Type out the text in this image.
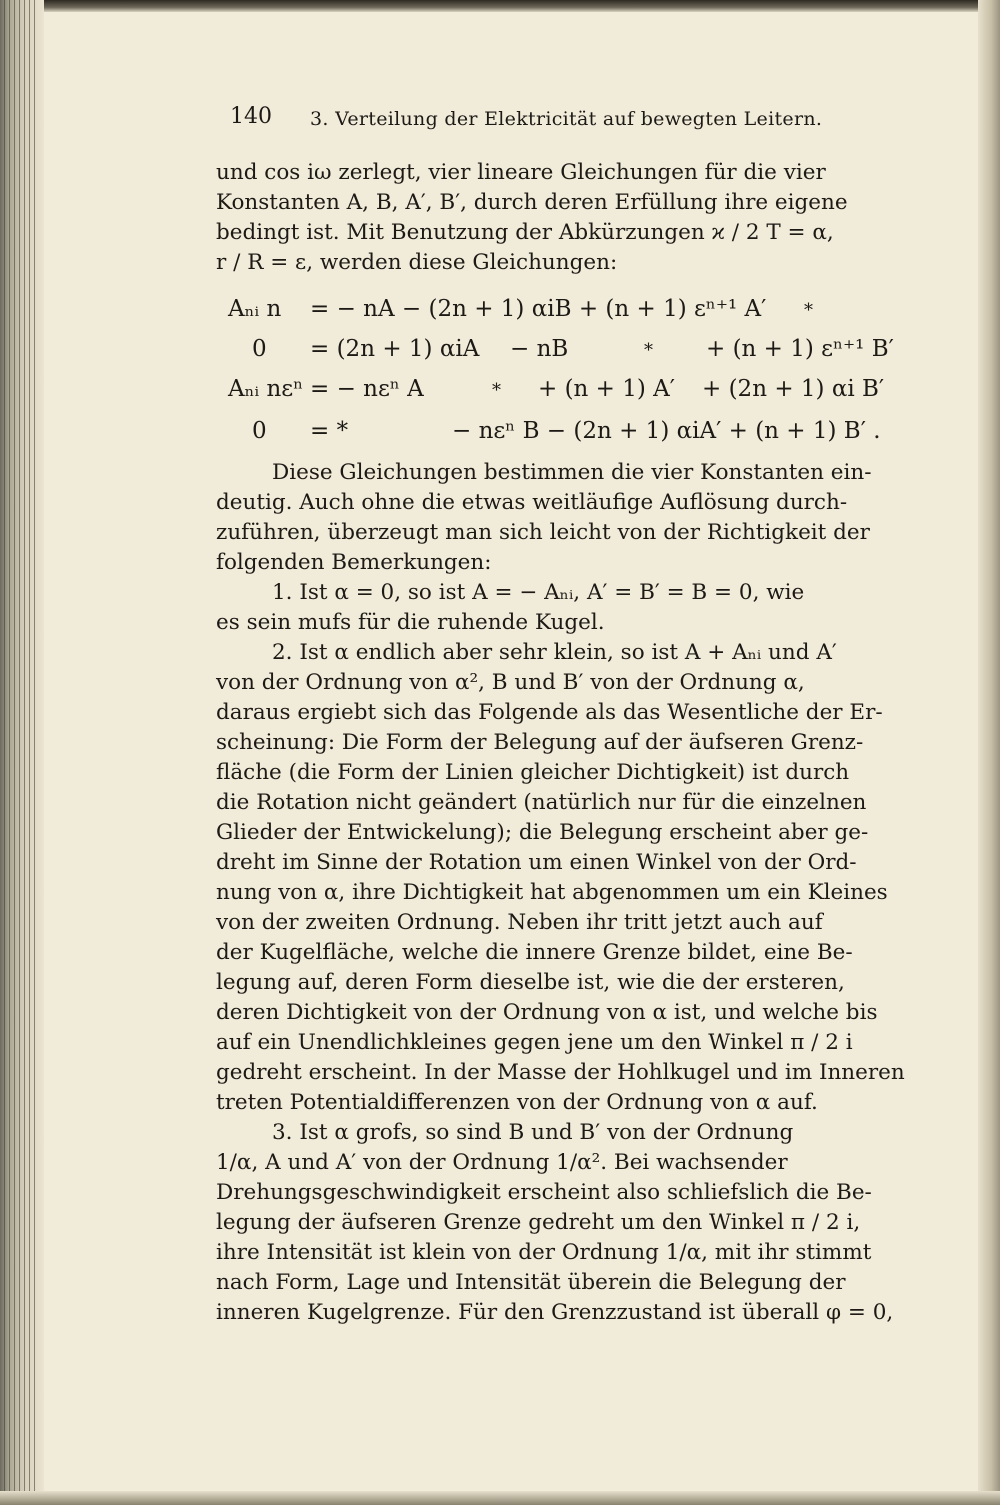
140 3. Verteilung der Elektricität auf bewegten Leitern.

und cos iω zerlegt, vier lineare Gleichungen für die vier

Konstanten A, B, A′, B′, durch deren Erfüllung ihre eigene

bedingt ist. Mit Benutzung der Abkürzungen ϰ / 2 T = α,

r / R = ε, werden diese Gleichungen:

Aₙᵢ n = − nA − (2n + 1) αiB + (n + 1) εⁿ⁺¹ A′ *
0 = (2n + 1) αiA − nB	* + (n + 1) εⁿ⁺¹ B′
Aₙᵢ nεⁿ = − nεⁿ A	* + (n + 1) A′ + (2n + 1) αi B′
0 = *	− nεⁿ B − (2n + 1) αiA′ + (n + 1) B′ .

Diese Gleichungen bestimmen die vier Konstanten ein-

deutig. Auch ohne die etwas weitläufige Auflösung durch-

zuführen, überzeugt man sich leicht von der Richtigkeit der

folgenden Bemerkungen:

1. Ist α = 0, so ist A = − Aₙᵢ, A′ = B′ = B = 0, wie

es sein mufs für die ruhende Kugel.

2. Ist α endlich aber sehr klein, so ist A + Aₙᵢ und A′

von der Ordnung von α², B und B′ von der Ordnung α,

daraus ergiebt sich das Folgende als das Wesentliche der Er-

scheinung: Die Form der Belegung auf der äufseren Grenz-

fläche (die Form der Linien gleicher Dichtigkeit) ist durch

die Rotation nicht geändert (natürlich nur für die einzelnen

Glieder der Entwickelung); die Belegung erscheint aber ge-

dreht im Sinne der Rotation um einen Winkel von der Ord-

nung von α, ihre Dichtigkeit hat abgenommen um ein Kleines

von der zweiten Ordnung. Neben ihr tritt jetzt auch auf

der Kugelfläche, welche die innere Grenze bildet, eine Be-

legung auf, deren Form dieselbe ist, wie die der ersteren,

deren Dichtigkeit von der Ordnung von α ist, und welche bis

auf ein Unendlichkleines gegen jene um den Winkel π / 2 i

gedreht erscheint. In der Masse der Hohlkugel und im Inneren

treten Potentialdifferenzen von der Ordnung von α auf.

3. Ist α grofs, so sind B und B′ von der Ordnung

1/α, A und A′ von der Ordnung 1/α². Bei wachsender

Drehungsgeschwindigkeit erscheint also schliefslich die Be-

legung der äufseren Grenze gedreht um den Winkel π / 2 i,

ihre Intensität ist klein von der Ordnung 1/α, mit ihr stimmt

nach Form, Lage und Intensität überein die Belegung der

inneren Kugelgrenze. Für den Grenzzustand ist überall φ = 0,
